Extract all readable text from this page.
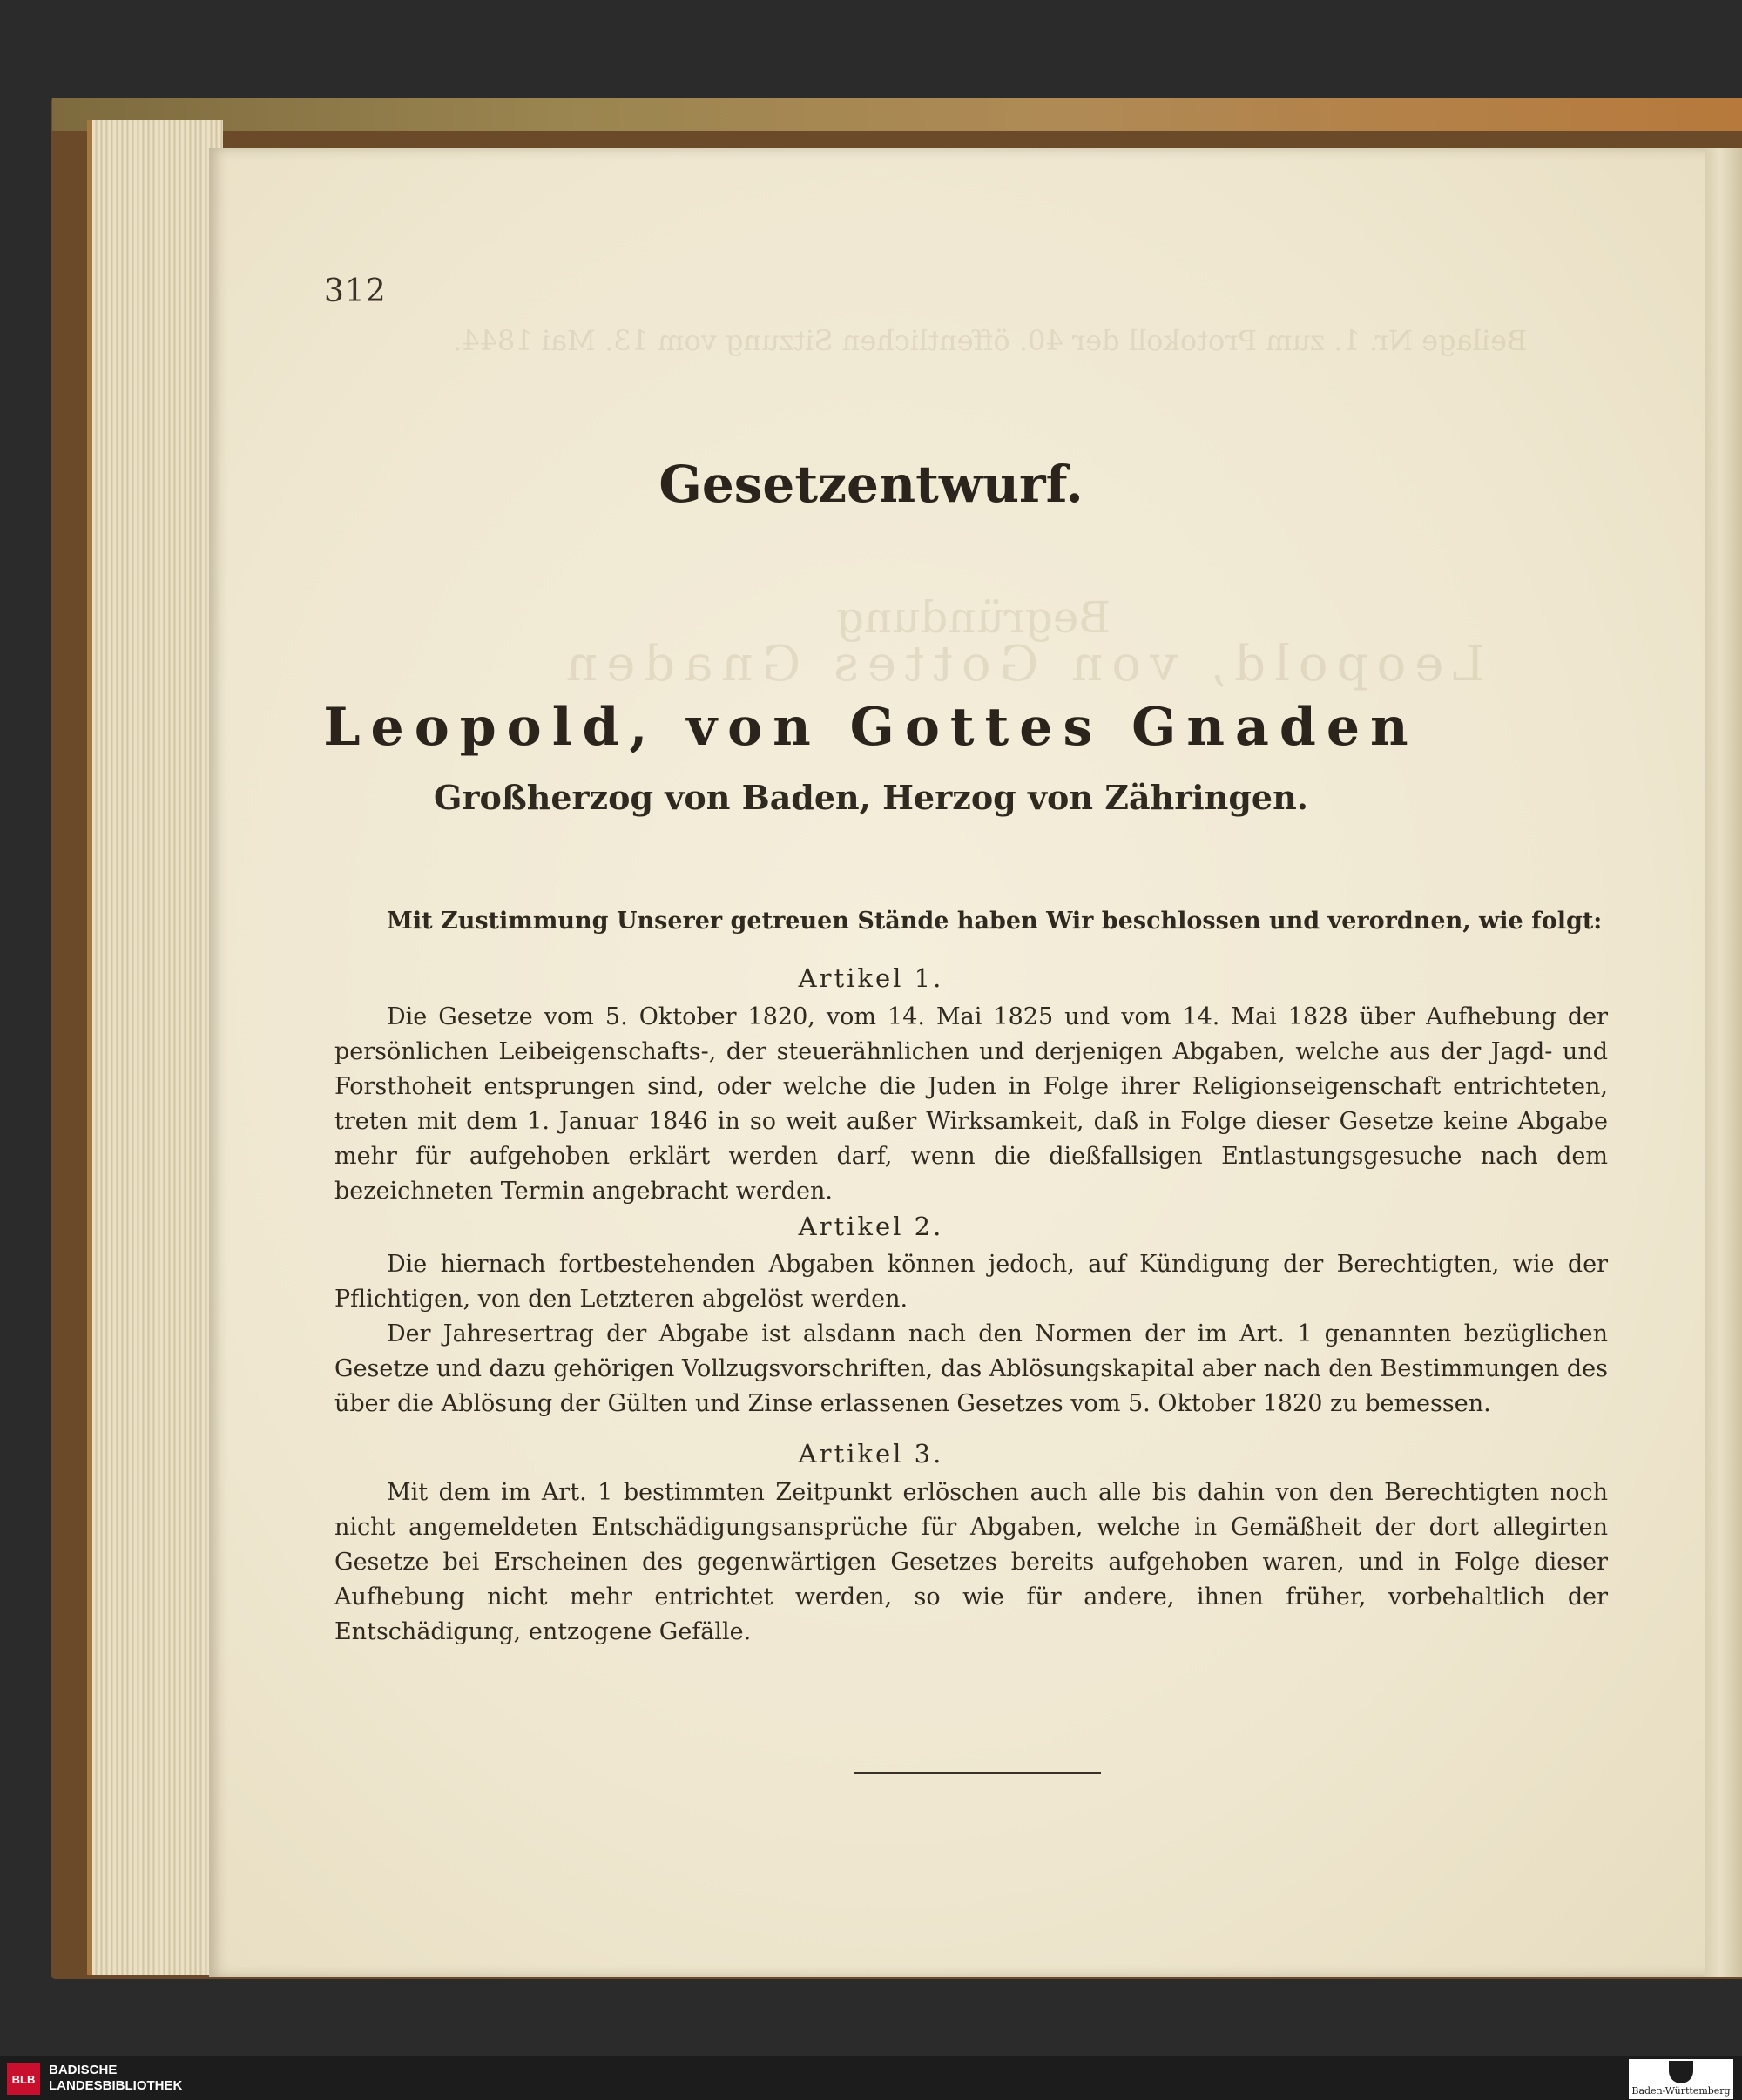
Beilage Nr. 1. zum Protokoll der 40. öffentlichen Sitzung vom 13. Mai 1844.
Begründung
Leopold, von Gottes Gnaden
312
Gesetzentwurf.
Leopold, von Gottes Gnaden
Großherzog von Baden, Herzog von Zähringen.
Mit Zustimmung Unserer getreuen Stände haben Wir beschlossen und verordnen, wie folgt:
Artikel 1.
Die Gesetze vom 5. Oktober 1820, vom 14. Mai 1825 und vom 14. Mai 1828 über Aufhebung der persönlichen Leibeigenschafts-, der steuerähnlichen und derjenigen Abgaben, welche aus der Jagd- und Forsthoheit entsprungen sind, oder welche die Juden in Folge ihrer Religionseigenschaft entrichteten, treten mit dem 1. Januar 1846 in so weit außer Wirksamkeit, daß in Folge dieser Gesetze keine Abgabe mehr für aufgehoben erklärt werden darf, wenn die dießfallsigen Entlastungsgesuche nach dem bezeichneten Termin angebracht werden.
Artikel 2.
Die hiernach fortbestehenden Abgaben können jedoch, auf Kündigung der Berechtigten, wie der Pflichtigen, von den Letzteren abgelöst werden.
Der Jahresertrag der Abgabe ist alsdann nach den Normen der im Art. 1 genannten bezüglichen Gesetze und dazu gehörigen Vollzugsvorschriften, das Ablösungskapital aber nach den Bestimmungen des über die Ablösung der Gülten und Zinse erlassenen Gesetzes vom 5. Oktober 1820 zu bemessen.
Artikel 3.
Mit dem im Art. 1 bestimmten Zeitpunkt erlöschen auch alle bis dahin von den Berechtigten noch nicht angemeldeten Entschädigungsansprüche für Abgaben, welche in Gemäßheit der dort allegirten Gesetze bei Erscheinen des gegenwärtigen Gesetzes bereits aufgehoben waren, und in Folge dieser Aufhebung nicht mehr entrichtet werden, so wie für andere, ihnen früher, vorbehaltlich der Entschädigung, entzogene Gefälle.
BLB
BADISCHE
LANDESBIBLIOTHEK	Baden-Württemberg
